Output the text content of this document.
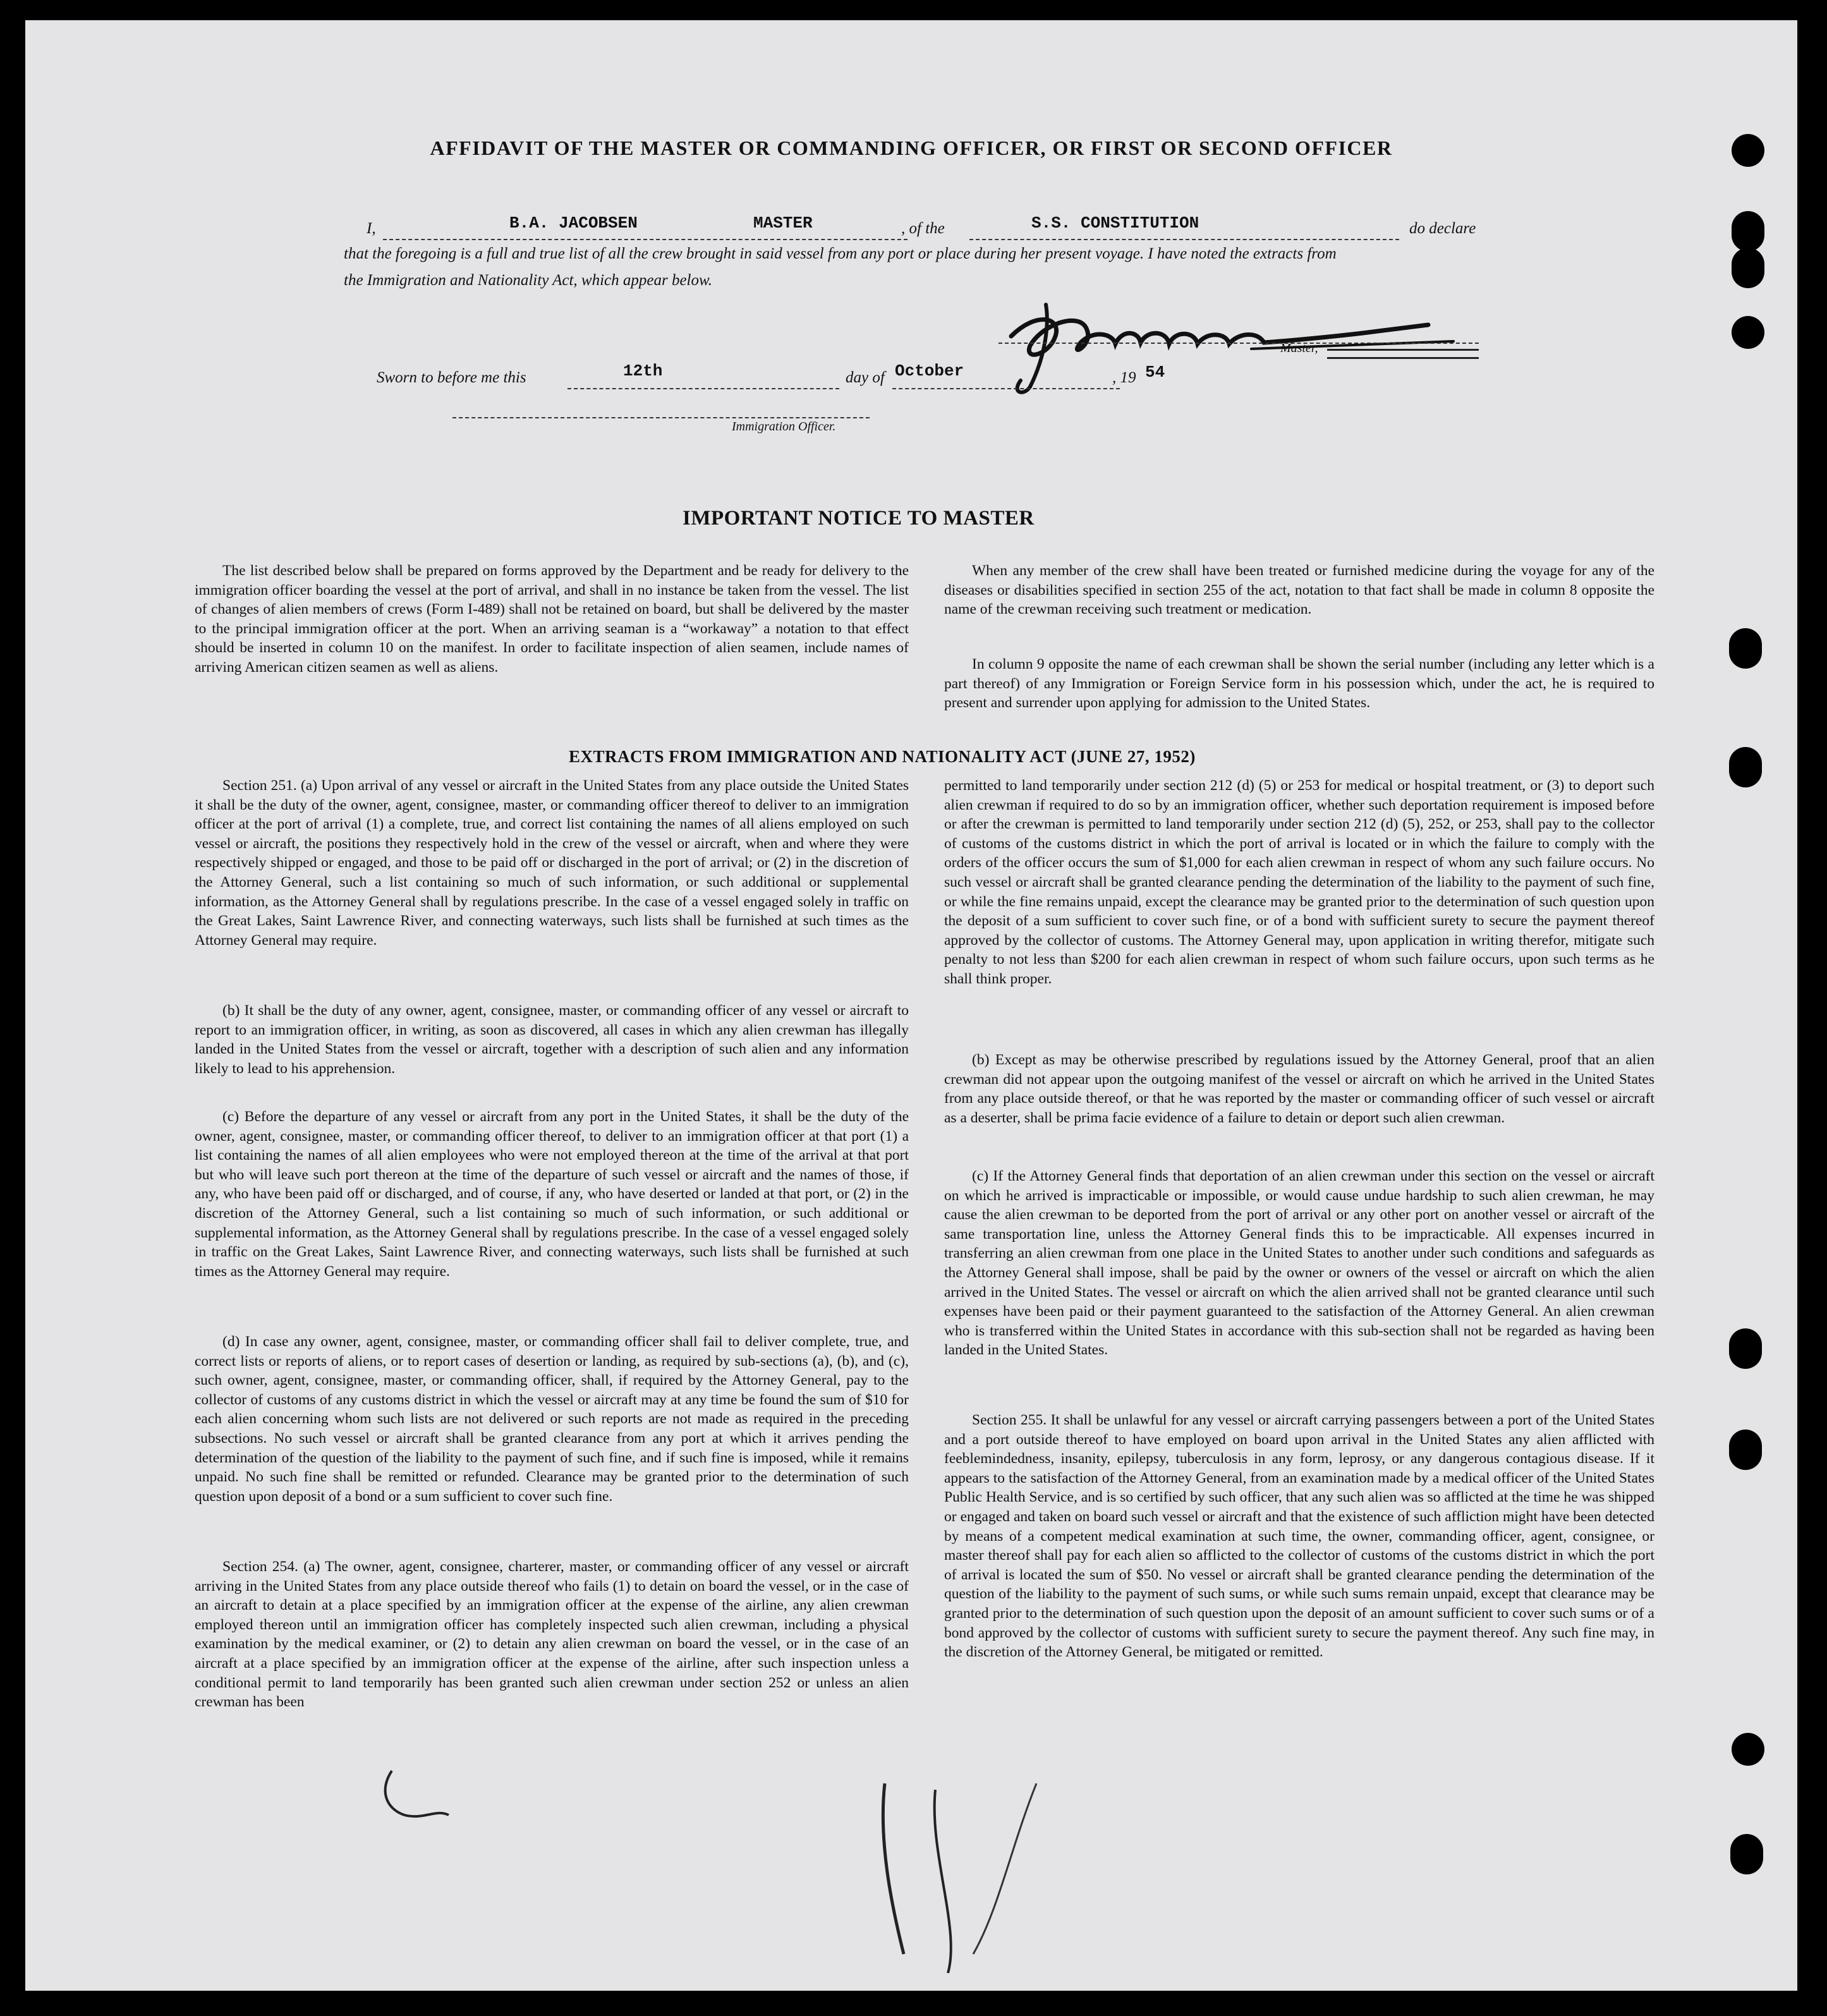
AFFIDAVIT OF THE MASTER OR COMMANDING OFFICER, OR FIRST OR SECOND OFFICER
I,	B.A. JACOBSEN	MASTER	, of the	S.S. CONSTITUTION	do declare
that the foregoing is a full and true list of all the crew brought in said vessel from any port or place during her present voyage. I have noted the extracts from
the Immigration and Nationality Act, which appear below.
Master,
Sworn to before me this	12th	day of October	, 19 54
Immigration Officer.
IMPORTANT NOTICE TO MASTER

The list described below shall be prepared on forms approved by the Department and be ready for delivery to the immigration officer boarding the vessel at the port of arrival, and shall in no instance be taken from the vessel. The list of changes of alien members of crews (Form I-489) shall not be retained on board, but shall be delivered by the master to the principal immigration officer at the port. When an arriving seaman is a “workaway” a notation to that effect should be inserted in column 10 on the manifest. In order to facilitate inspection of alien seamen, include names of arriving American citizen seamen as well as aliens.

When any member of the crew shall have been treated or furnished medicine during the voyage for any of the diseases or disabilities specified in section 255 of the act, notation to that fact shall be made in column 8 opposite the name of the crewman receiving such treatment or medication.

In column 9 opposite the name of each crewman shall be shown the serial number (including any letter which is a part thereof) of any Immigration or Foreign Service form in his possession which, under the act, he is required to present and surrender upon applying for admission to the United States.

EXTRACTS FROM IMMIGRATION AND NATIONALITY ACT (JUNE 27, 1952)

Section 251. (a) Upon arrival of any vessel or aircraft in the United States from any place outside the United States it shall be the duty of the owner, agent, consignee, master, or commanding officer thereof to deliver to an immigration officer at the port of arrival (1) a complete, true, and correct list containing the names of all aliens employed on such vessel or aircraft, the positions they respectively hold in the crew of the vessel or aircraft, when and where they were respectively shipped or engaged, and those to be paid off or discharged in the port of arrival; or (2) in the discretion of the Attorney General, such a list containing so much of such information, or such additional or supplemental information, as the Attorney General shall by regulations prescribe. In the case of a vessel engaged solely in traffic on the Great Lakes, Saint Lawrence River, and connecting waterways, such lists shall be furnished at such times as the Attorney General may require.

(b) It shall be the duty of any owner, agent, consignee, master, or commanding officer of any vessel or aircraft to report to an immigration officer, in writing, as soon as discovered, all cases in which any alien crewman has illegally landed in the United States from the vessel or aircraft, together with a description of such alien and any information likely to lead to his apprehension.

(c) Before the departure of any vessel or aircraft from any port in the United States, it shall be the duty of the owner, agent, consignee, master, or commanding officer thereof, to deliver to an immigration officer at that port (1) a list containing the names of all alien employees who were not employed thereon at the time of the arrival at that port but who will leave such port thereon at the time of the departure of such vessel or aircraft and the names of those, if any, who have been paid off or discharged, and of course, if any, who have deserted or landed at that port, or (2) in the discretion of the Attorney General, such a list containing so much of such information, or such additional or supplemental information, as the Attorney General shall by regulations prescribe. In the case of a vessel engaged solely in traffic on the Great Lakes, Saint Lawrence River, and connecting waterways, such lists shall be furnished at such times as the Attorney General may require.

(d) In case any owner, agent, consignee, master, or commanding officer shall fail to deliver complete, true, and correct lists or reports of aliens, or to report cases of desertion or landing, as required by sub-sections (a), (b), and (c), such owner, agent, consignee, master, or commanding officer, shall, if required by the Attorney General, pay to the collector of customs of any customs district in which the vessel or aircraft may at any time be found the sum of $10 for each alien concerning whom such lists are not delivered or such reports are not made as required in the preceding subsections. No such vessel or aircraft shall be granted clearance from any port at which it arrives pending the determination of the question of the liability to the payment of such fine, and if such fine is imposed, while it remains unpaid. No such fine shall be remitted or refunded. Clearance may be granted prior to the determination of such question upon deposit of a bond or a sum sufficient to cover such fine.

Section 254. (a) The owner, agent, consignee, charterer, master, or commanding officer of any vessel or aircraft arriving in the United States from any place outside thereof who fails (1) to detain on board the vessel, or in the case of an aircraft to detain at a place specified by an immigration officer at the expense of the airline, any alien crewman employed thereon until an immigration officer has completely inspected such alien crewman, including a physical examination by the medical examiner, or (2) to detain any alien crewman on board the vessel, or in the case of an aircraft at a place specified by an immigration officer at the expense of the airline, after such inspection unless a conditional permit to land temporarily has been granted such alien crewman under section 252 or unless an alien crewman has been

permitted to land temporarily under section 212 (d) (5) or 253 for medical or hospital treatment, or (3) to deport such alien crewman if required to do so by an immigration officer, whether such deportation requirement is imposed before or after the crewman is permitted to land temporarily under section 212 (d) (5), 252, or 253, shall pay to the collector of customs of the customs district in which the port of arrival is located or in which the failure to comply with the orders of the officer occurs the sum of $1,000 for each alien crewman in respect of whom any such failure occurs. No such vessel or aircraft shall be granted clearance pending the determination of the liability to the payment of such fine, or while the fine remains unpaid, except the clearance may be granted prior to the determination of such question upon the deposit of a sum sufficient to cover such fine, or of a bond with sufficient surety to secure the payment thereof approved by the collector of customs. The Attorney General may, upon application in writing therefor, mitigate such penalty to not less than $200 for each alien crewman in respect of whom such failure occurs, upon such terms as he shall think proper.

(b) Except as may be otherwise prescribed by regulations issued by the Attorney General, proof that an alien crewman did not appear upon the outgoing manifest of the vessel or aircraft on which he arrived in the United States from any place outside thereof, or that he was reported by the master or commanding officer of such vessel or aircraft as a deserter, shall be prima facie evidence of a failure to detain or deport such alien crewman.

(c) If the Attorney General finds that deportation of an alien crewman under this section on the vessel or aircraft on which he arrived is impracticable or impossible, or would cause undue hardship to such alien crewman, he may cause the alien crewman to be deported from the port of arrival or any other port on another vessel or aircraft of the same transportation line, unless the Attorney General finds this to be impracticable. All expenses incurred in transferring an alien crewman from one place in the United States to another under such conditions and safeguards as the Attorney General shall impose, shall be paid by the owner or owners of the vessel or aircraft on which the alien arrived in the United States. The vessel or aircraft on which the alien arrived shall not be granted clearance until such expenses have been paid or their payment guaranteed to the satisfaction of the Attorney General. An alien crewman who is transferred within the United States in accordance with this sub-section shall not be regarded as having been landed in the United States.

Section 255. It shall be unlawful for any vessel or aircraft carrying passengers between a port of the United States and a port outside thereof to have employed on board upon arrival in the United States any alien afflicted with feeblemindedness, insanity, epilepsy, tuberculosis in any form, leprosy, or any dangerous contagious disease. If it appears to the satisfaction of the Attorney General, from an examination made by a medical officer of the United States Public Health Service, and is so certified by such officer, that any such alien was so afflicted at the time he was shipped or engaged and taken on board such vessel or aircraft and that the existence of such affliction might have been detected by means of a competent medical examination at such time, the owner, commanding officer, agent, consignee, or master thereof shall pay for each alien so afflicted to the collector of customs of the customs district in which the port of arrival is located the sum of $50. No vessel or aircraft shall be granted clearance pending the determination of the question of the liability to the payment of such sums, or while such sums remain unpaid, except that clearance may be granted prior to the determination of such question upon the deposit of an amount sufficient to cover such sums or of a bond approved by the collector of customs with sufficient surety to secure the payment thereof. Any such fine may, in the discretion of the Attorney General, be mitigated or remitted.
